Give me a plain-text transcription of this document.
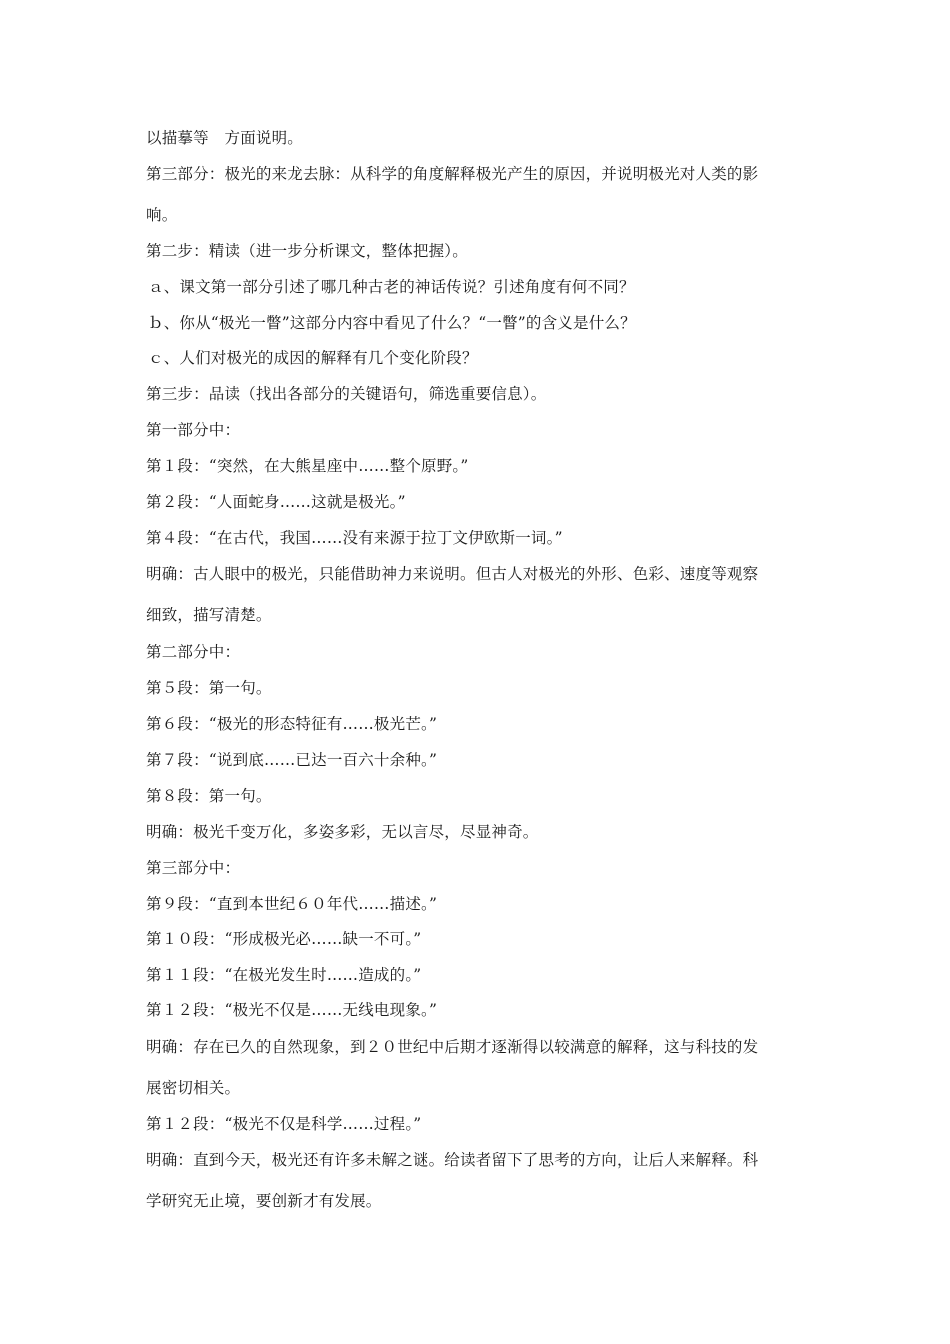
以描摹等　方面说明。
第三部分：极光的来龙去脉：从科学的角度解释极光产生的原因，并说明极光对人类的影
响。
第二步：精读（进一步分析课文，整体把握）。
ａ、课文第一部分引述了哪几种古老的神话传说？引述角度有何不同？
ｂ、你从“极光一瞥”这部分内容中看见了什么？“一瞥”的含义是什么？
ｃ、人们对极光的成因的解释有几个变化阶段？
第三步：品读（找出各部分的关键语句，筛选重要信息）。
第一部分中：
第１段：“突然，在大熊星座中……整个原野。”
第２段：“人面蛇身……这就是极光。”
第４段：“在古代，我国……没有来源于拉丁文伊欧斯一词。”
明确：古人眼中的极光，只能借助神力来说明。但古人对极光的外形、色彩、速度等观察
细致，描写清楚。
第二部分中：
第５段：第一句。
第６段：“极光的形态特征有……极光芒。”
第７段：“说到底……已达一百六十余种。”
第８段：第一句。
明确：极光千变万化，多姿多彩，无以言尽，尽显神奇。
第三部分中：
第９段：“直到本世纪６０年代……描述。”
第１０段：“形成极光必……缺一不可。”
第１１段：“在极光发生时……造成的。”
第１２段：“极光不仅是……无线电现象。”
明确：存在已久的自然现象，到２０世纪中后期才逐渐得以较满意的解释，这与科技的发
展密切相关。
第１２段：“极光不仅是科学……过程。”
明确：直到今天，极光还有许多未解之谜。给读者留下了思考的方向，让后人来解释。科
学研究无止境，要创新才有发展。
